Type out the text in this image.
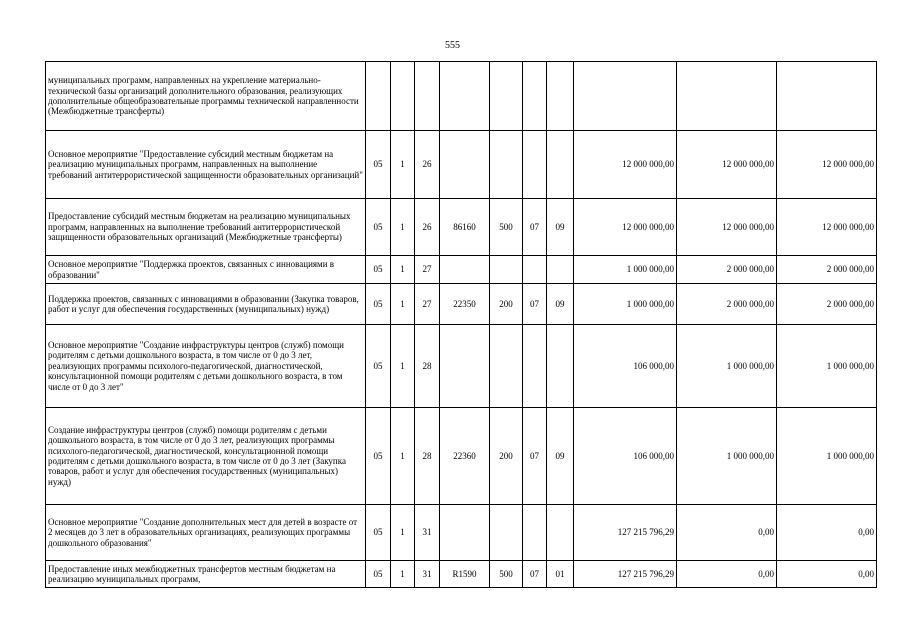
555
муниципальных программ, направленных на укрепление материально-технической базы организаций дополнительного образования, реализующих дополнительные общеобразовательные программы технической направленности (Межбюджетные трансферты)										
Основное мероприятие "Предоставление субсидий местным бюджетам на реализацию муниципальных программ, направленных на выполнение требований антитеррористической защищенности образовательных организаций"	05	1	26					12 000 000,00	12 000 000,00	12 000 000,00
Предоставление субсидий местным бюджетам на реализацию муниципальных программ, направленных на выполнение требований антитеррористической защищенности образовательных организаций (Межбюджетные трансферты)	05	1	26	86160	500	07	09	12 000 000,00	12 000 000,00	12 000 000,00
Основное мероприятие "Поддержка проектов, связанных с инновациями в образовании"	05	1	27					1 000 000,00	2 000 000,00	2 000 000,00
Поддержка проектов, связанных с инновациями в образовании (Закупка товаров, работ и услуг для обеспечения государственных (муниципальных) нужд)	05	1	27	22350	200	07	09	1 000 000,00	2 000 000,00	2 000 000,00
Основное мероприятие "Создание инфраструктуры центров (служб) помощи родителям с детьми дошкольного возраста, в том числе от 0 до 3 лет, реализующих программы психолого-педагогической, диагностической, консультационной помощи родителям с детьми дошкольного возраста, в том числе от 0 до 3 лет"	05	1	28					106 000,00	1 000 000,00	1 000 000,00
Создание инфраструктуры центров (служб) помощи родителям с детьми дошкольного возраста, в том числе от 0 до 3 лет, реализующих программы психолого-педагогической, диагностической, консультационной помощи родителям с детьми дошкольного возраста, в том числе от 0 до 3 лет (Закупка товаров, работ и услуг для обеспечения государственных (муниципальных) нужд)	05	1	28	22360	200	07	09	106 000,00	1 000 000,00	1 000 000,00
Основное мероприятие "Создание дополнительных мест для детей в возрасте от 2 месяцев до 3 лет в образовательных организациях, реализующих программы дошкольного образования"	05	1	31					127 215 796,29	0,00	0,00
Предоставление иных межбюджетных трансфертов местным бюджетам на реализацию муниципальных программ,	05	1	31	R1590	500	07	01	127 215 796,29	0,00	0,00
